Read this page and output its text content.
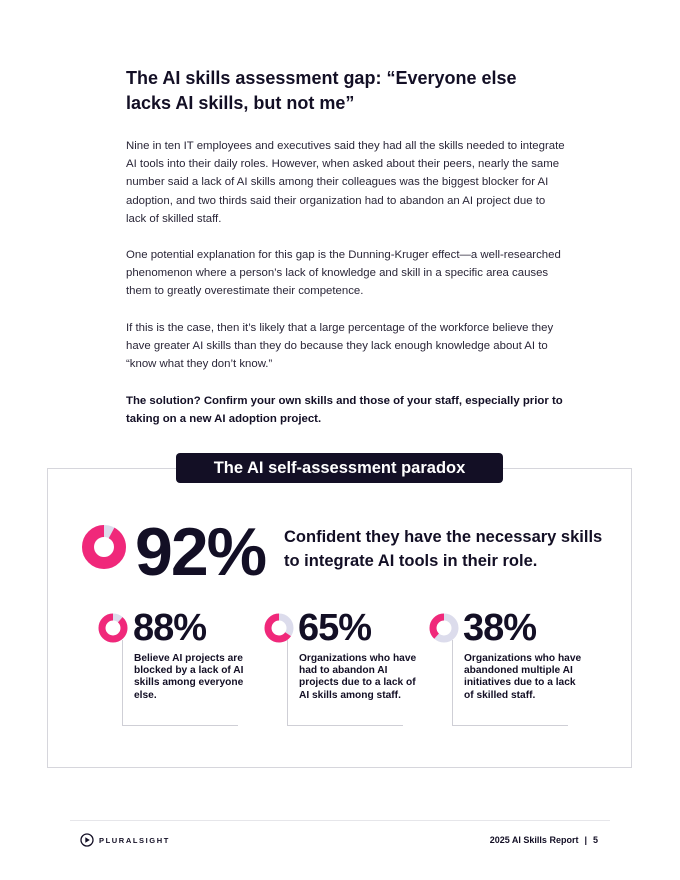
The AI skills assessment gap: “Everyone else lacks AI skills, but not me”

Nine in ten IT employees and executives said they had all the skills needed to integrate AI tools into their daily roles. However, when asked about their peers, nearly the same number said a lack of AI skills among their colleagues was the biggest blocker for AI adoption, and two thirds said their organization had to abandon an AI project due to lack of skilled staff.

One potential explanation for this gap is the Dunning-Kruger effect—a well-researched phenomenon where a person’s lack of knowledge and skill in a specific area causes them to greatly overestimate their competence.

If this is the case, then it’s likely that a large percentage of the workforce believe they have greater AI skills than they do because they lack enough knowledge about AI to “know what they don’t know.”

The solution? Confirm your own skills and those of your staff, especially prior to taking on a new AI adoption project.

The AI self-assessment paradox

92% Confident they have the necessary skills to integrate AI tools in their role.

88%

Believe AI projects are blocked by a lack of AI skills among everyone else.

65%

Organizations who have had to abandon AI projects due to a lack of AI skills among staff.

38%

Organizations who have abandoned multiple AI initiatives due to a lack of skilled staff.

PLURALSIGHT	2025 AI Skills Report | 5
